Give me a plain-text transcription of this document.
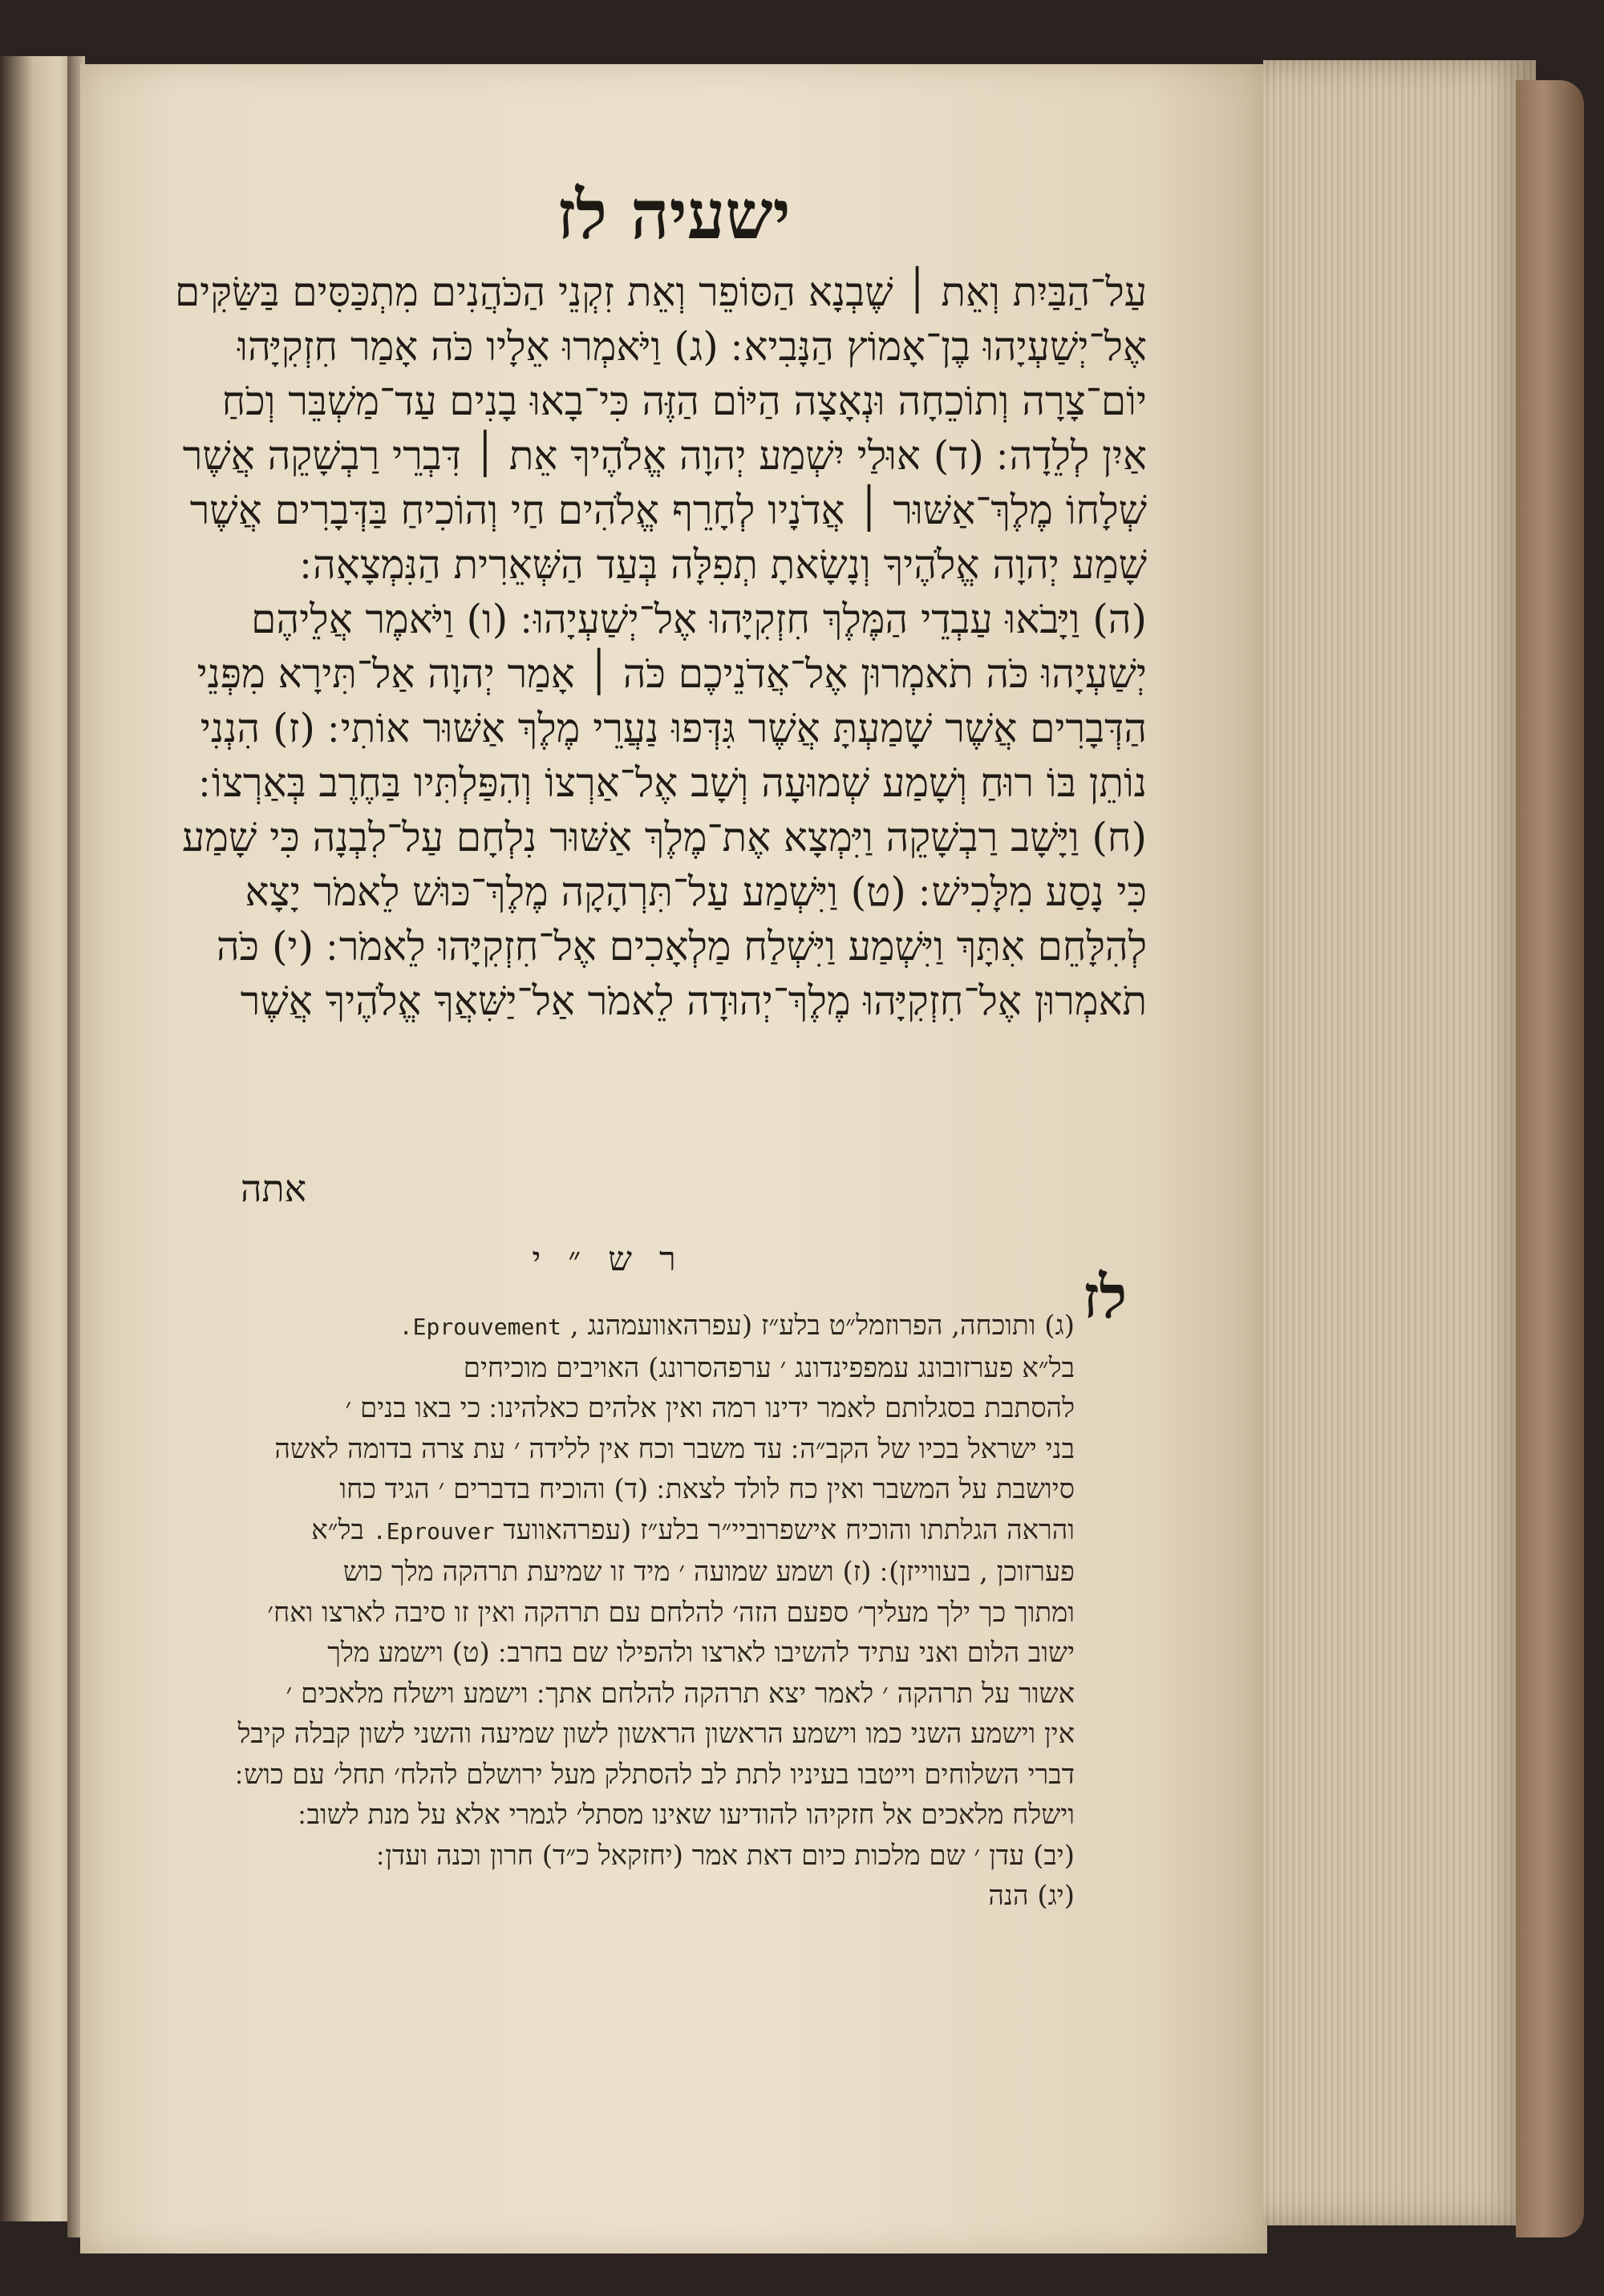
ישעיה לז

עַל־הַבַּיִת וְאֵת ׀ שֶׁבְנָא הַסּוֹפֵר וְאֵת זִקְנֵי הַכֹּהֲנִים מִתְכַּסִּים בַּשַּׂקִּים

אֶל־יְשַׁעְיָהוּ בֶן־אָמוֹץ הַנָּבִיא ׃ (ג) וַיֹּאמְרוּ אֵלָיו כֹּה אָמַר חִזְקִיָּהוּ

יוֹם־צָרָה וְתוֹכֵחָה וּנְאָצָה הַיּוֹם הַזֶּה כִּי־בָאוּ בָנִים עַד־מַשְׁבֵּר וְכֹחַ

אַיִן לְלֵדָה ׃ (ד) אוּלַי יִשְׁמַע יְהוָה אֱלֹהֶיךָ אֵת ׀ דִּבְרֵי רַבְשָׁקֵה אֲשֶׁר

שְׁלָחוֹ מֶלֶךְ־אַשּׁוּר ׀ אֲדֹנָיו לְחָרֵף אֱלֹהִים חַי וְהוֹכִיחַ בַּדְּבָרִים אֲשֶׁר

שָׁמַע יְהוָה אֱלֹהֶיךָ וְנָשָׂאתָ תְפִלָּה בְּעַד הַשְּׁאֵרִית הַנִּמְצָאָה ׃

(ה) וַיָּבֹאוּ עַבְדֵי הַמֶּלֶךְ חִזְקִיָּהוּ אֶל־יְשַׁעְיָהוּ ׃ (ו) וַיֹּאמֶר אֲלֵיהֶם

יְשַׁעְיָהוּ כֹּה תֹאמְרוּן אֶל־אֲדֹנֵיכֶם כֹּה ׀ אָמַר יְהוָה אַל־תִּירָא מִפְּנֵי

הַדְּבָרִים אֲשֶׁר שָׁמַעְתָּ אֲשֶׁר גִּדְּפוּ נַעֲרֵי מֶלֶךְ אַשּׁוּר אוֹתִי ׃ (ז) הִנְנִי

נוֹתֵן בּוֹ רוּחַ וְשָׁמַע שְׁמוּעָה וְשָׁב אֶל־אַרְצוֹ וְהִפַּלְתִּיו בַּחֶרֶב בְּאַרְצוֹ ׃

(ח) וַיָּשָׁב רַבְשָׁקֵה וַיִּמְצָא אֶת־מֶלֶךְ אַשּׁוּר נִלְחָם עַל־לִבְנָה כִּי שָׁמַע

כִּי נָסַע מִלָּכִישׁ ׃ (ט) וַיִּשְׁמַע עַל־תִּרְהָקָה מֶלֶךְ־כּוּשׁ לֵאמֹר יָצָא

לְהִלָּחֵם אִתָּךְ וַיִּשְׁמַע וַיִּשְׁלַח מַלְאָכִים אֶל־חִזְקִיָּהוּ לֵאמֹר ׃ (י) כֹּה

תֹאמְרוּן אֶל־חִזְקִיָּהוּ מֶלֶךְ־יְהוּדָה לֵאמֹר אַל־יַשִּׁאֲךָ אֱלֹהֶיךָ אֲשֶׁר

אתה
רש״י
לז

(ג) ותוכחה, הפרוזמל״ט בלע״ז (עפרהאוועמהנג , Eprouvement.

בל״א פערזובונג עמפפינדונג ׳ ערפהסרונג) האויבים מוכיחים

להסתבת בסגלותם לאמר ידינו רמה ואין אלהים כאלהינו ׃ כי באו בנים ׳

בני ישראל בכיו של הקב״ה ׃ עד משבר וכח אין ללידה ׳ עת צרה בדומה לאשה

סיושבת על המשבר ואין כח לולד לצאת ׃ (ד) והוכיח בדברים ׳ הגיד כחו

והראה הגלתתו והוכיח אישפרוביי״ר בלע״ז (עפרהאוועד Eprouver. בל״א

פערזוכן , בעווייזן) ׃ (ז) ושמע שמועה ׳ מיד זו שמיעת תרהקה מלך כוש

ומתוך כך ילך מעליך׳ ספעם הזה׳ להלחם עם תרהקה ואין זו סיבה לארצו ואח׳

ישוב הלום ואני עתיד להשיבו לארצו ולהפילו שם בחרב ׃ (ט) וישמע מלך

אשור על תרהקה ׳ לאמר יצא תרהקה להלחם אתך ׃ וישמע וישלח מלאכים ׳

אין וישמע השני כמו וישמע הראשון הראשון לשון שמיעה והשני לשון קבלה קיבל

דברי השלוחים וייטבו בעיניו לתת לב להסתלק מעל ירושלם להלח׳ תחל׳ עם כוש ׃

וישלח מלאכים אל חזקיהו להודיעו שאינו מסתל׳ לגמרי אלא על מנת לשוב ׃

(יב) עדן ׳ שם מלכות כיום דאת אמר (יחזקאל כ״ד) חרון וכנה ועדן ׃

(יג) הנה
